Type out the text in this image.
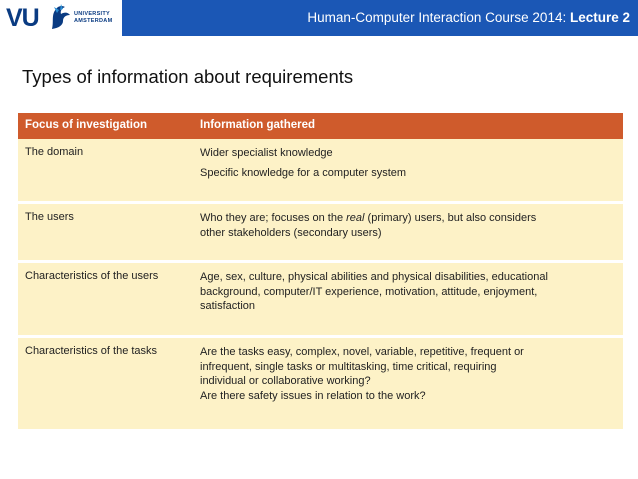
VU	UNIVERSITY
AMSTERDAM	Human-Computer Interaction Course 2014: Lecture 2
Types of information about requirements
Focus of investigation	Information gathered
The domain	Wider specialist knowledge
Specific knowledge for a computer system
The users	Who they are; focuses on the real (primary) users, but also considers
other stakeholders (secondary users)
Characteristics of the users	Age, sex, culture, physical abilities and physical disabilities, educational
background, computer/IT experience, motivation, attitude, enjoyment,
satisfaction
Characteristics of the tasks	Are the tasks easy, complex, novel, variable, repetitive, frequent or
infrequent, single tasks or multitasking, time critical, requiring
individual or collaborative working?
Are there safety issues in relation to the work?
